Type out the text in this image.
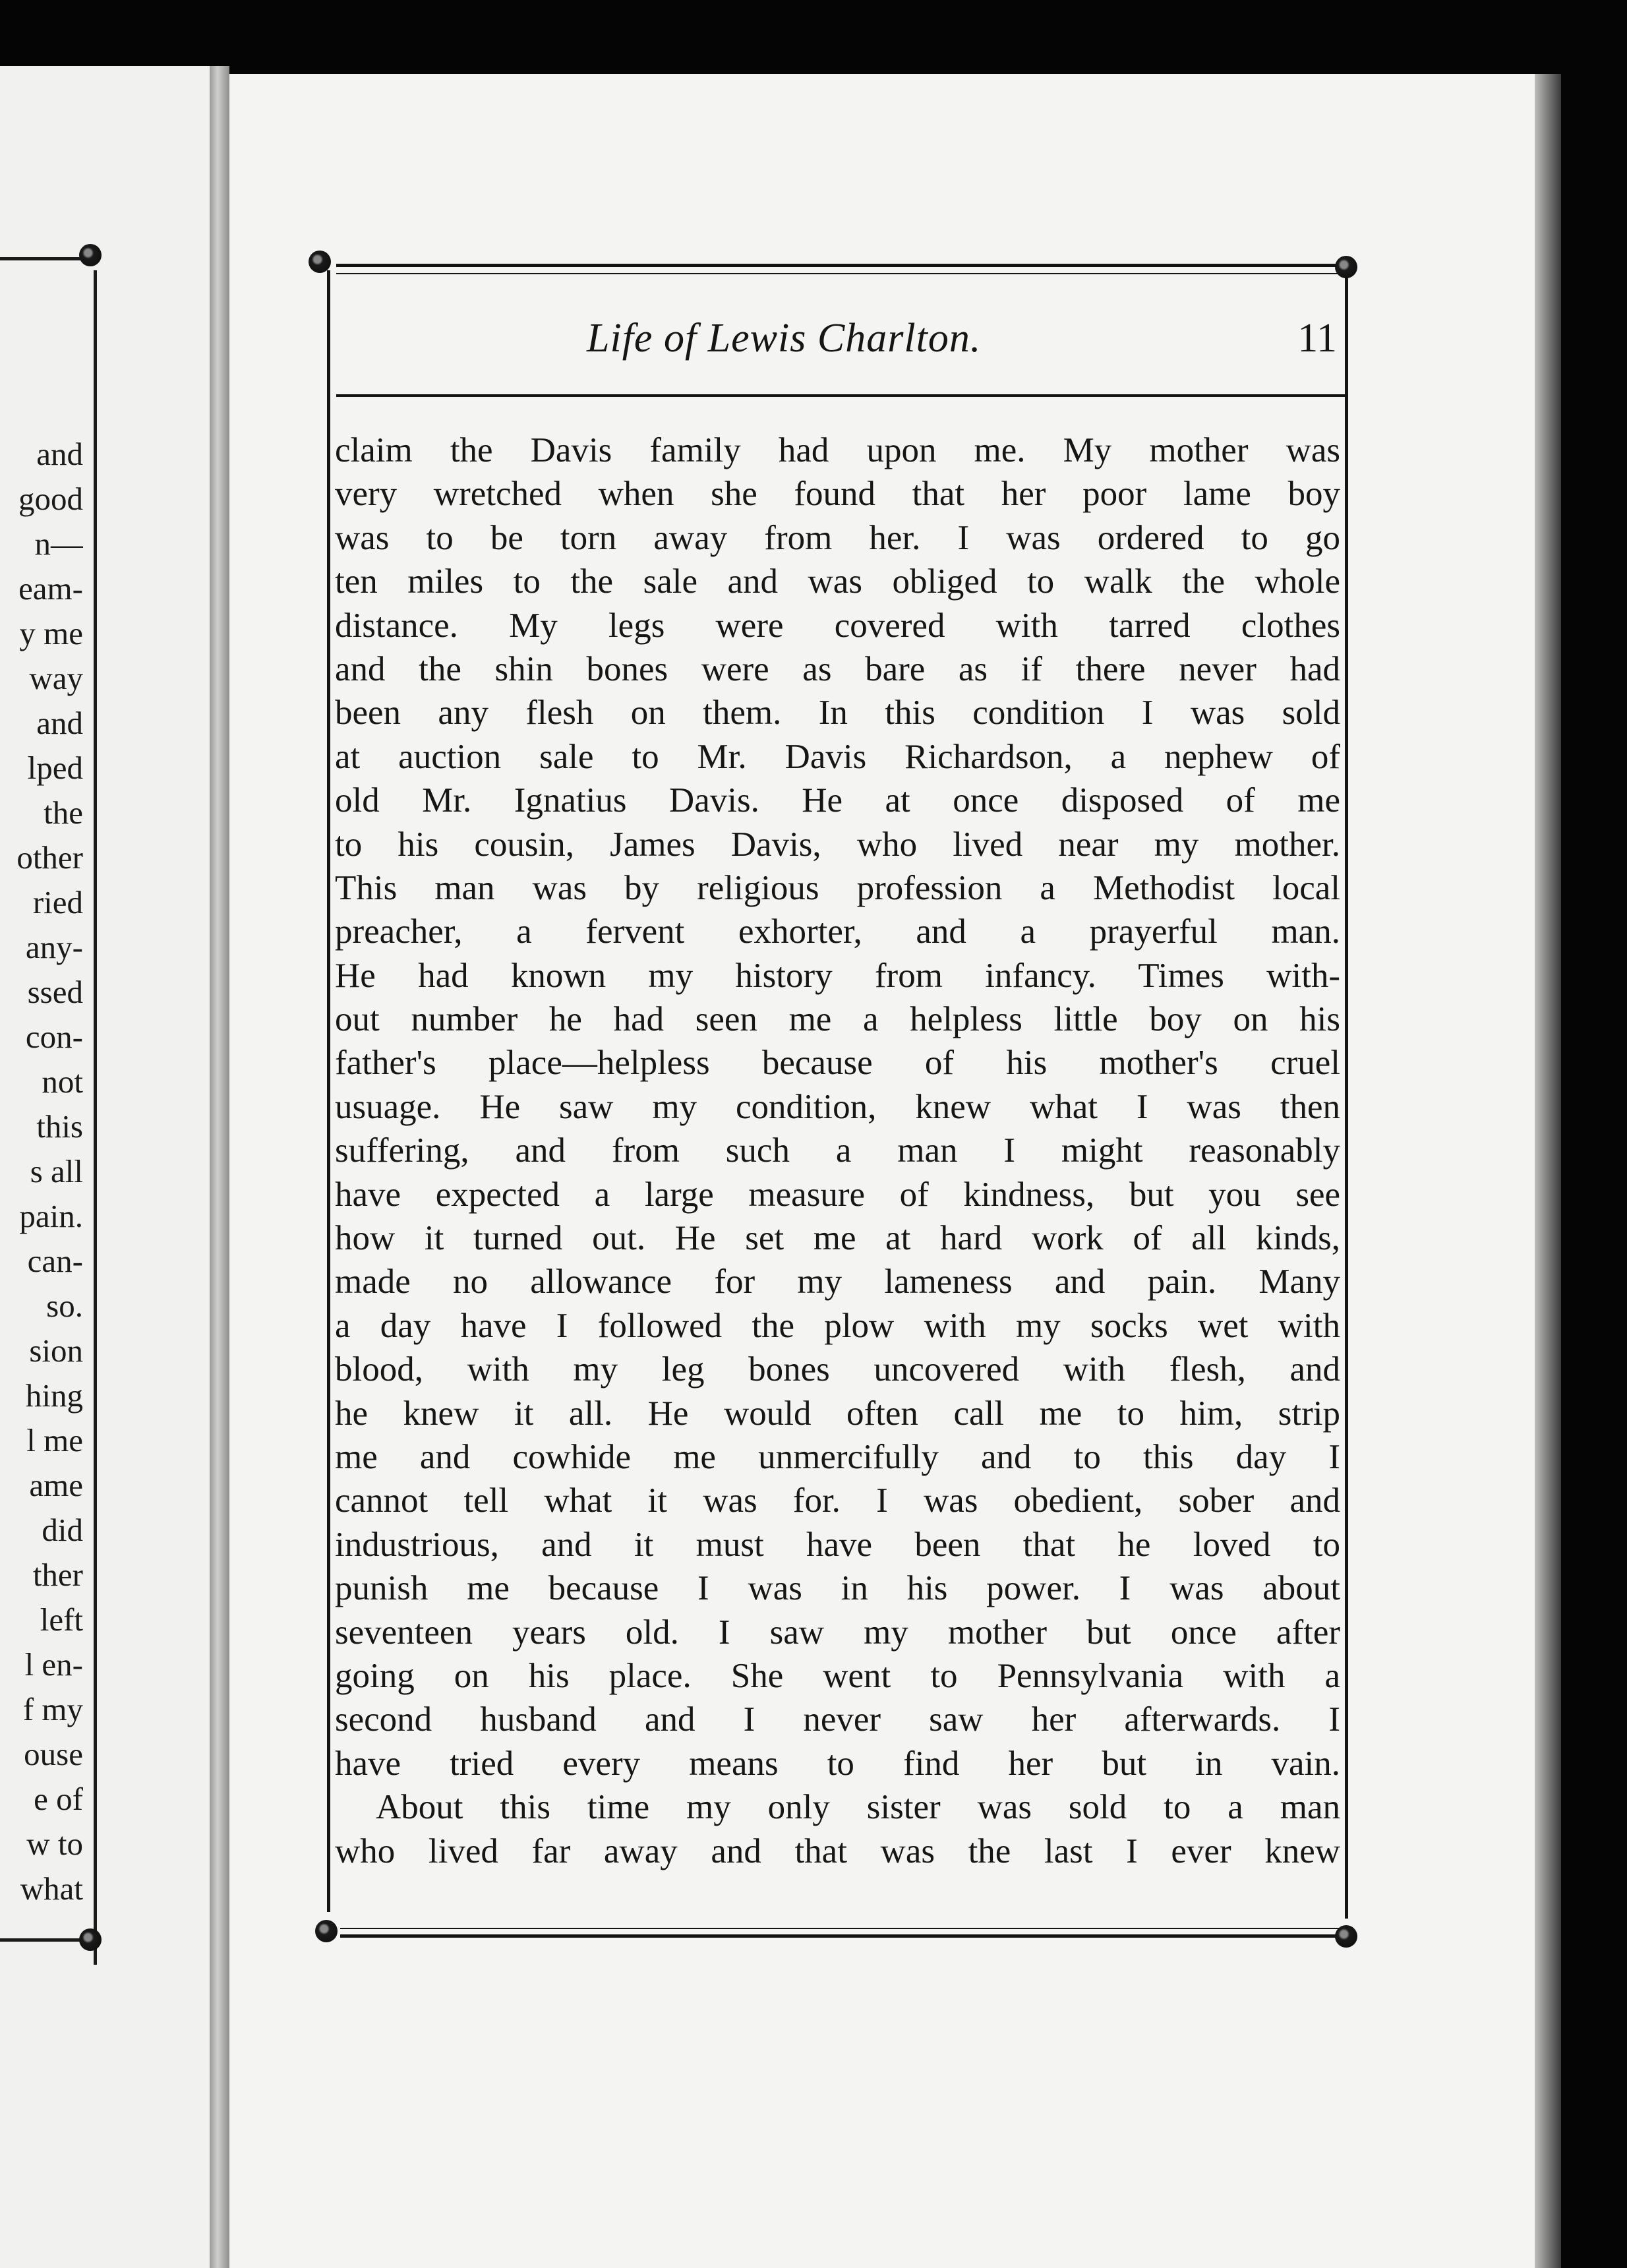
and
good
n—
eam-
y me
way
and
lped
the
other
ried
any-
ssed
con-
not
this
s all
pain.
can-
so.
sion
hing
l me
ame
did
ther
left
l en-
f my
ouse
e of
w to
what
Life of Lewis Charlton.	11
claim the Davis family had upon me. My mother was
very wretched when she found that her poor lame boy
was to be torn away from her. I was ordered to go
ten miles to the sale and was obliged to walk the whole
distance. My legs were covered with tarred clothes
and the shin bones were as bare as if there never had
been any flesh on them. In this condition I was sold
at auction sale to Mr. Davis Richardson, a nephew of
old Mr. Ignatius Davis. He at once disposed of me
to his cousin, James Davis, who lived near my mother.
This man was by religious profession a Methodist local
preacher, a fervent exhorter, and a prayerful man.
He had known my history from infancy. Times with-
out number he had seen me a helpless little boy on his
father's place—helpless because of his mother's cruel
usuage. He saw my condition, knew what I was then
suffering, and from such a man I might reasonably
have expected a large measure of kindness, but you see
how it turned out. He set me at hard work of all kinds,
made no allowance for my lameness and pain. Many
a day have I followed the plow with my socks wet with
blood, with my leg bones uncovered with flesh, and
he knew it all. He would often call me to him, strip
me and cowhide me unmercifully and to this day I
cannot tell what it was for. I was obedient, sober and
industrious, and it must have been that he loved to
punish me because I was in his power. I was about
seventeen years old. I saw my mother but once after
going on his place. She went to Pennsylvania with a
second husband and I never saw her afterwards. I
have tried every means to find her but in vain.
About this time my only sister was sold to a man
who lived far away and that was the last I ever knew
